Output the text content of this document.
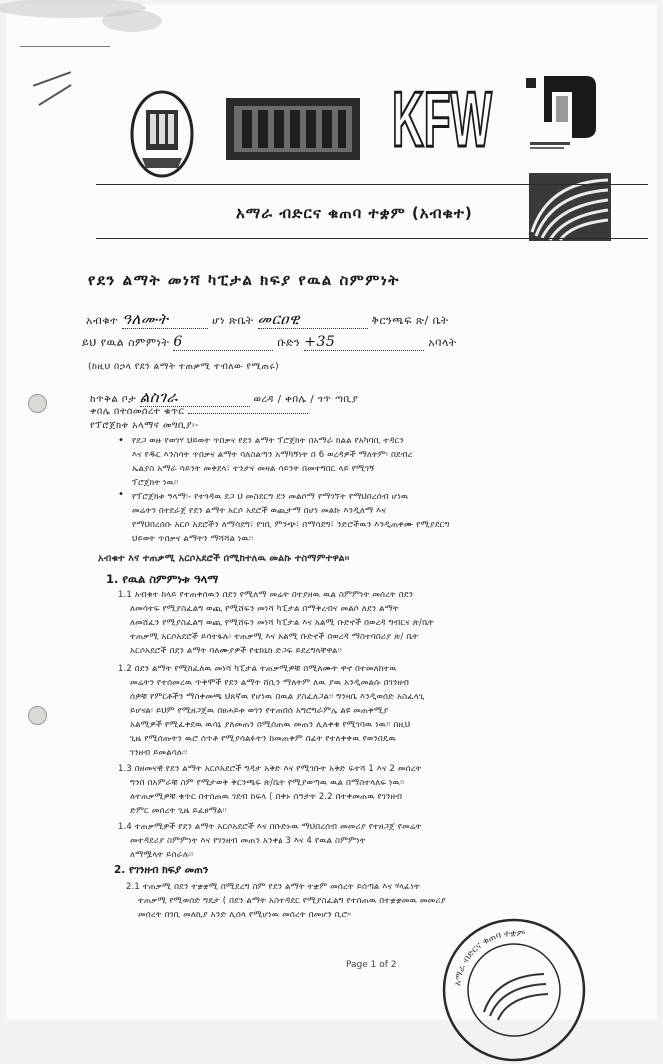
KFW
አማራ ብድርና ቁጠባ ተቋም (አብቁተ)
የደን ልማት መነሻ ካፒታል ክፍያ የዉል ስምምነት
አብቁተ ዓለሙት	ሆነ ጽቤት መርዐዊ	ቅርንጫፍ ጽ/ ቤት
ይህ የዉል ስምምነት 6	ቡድን +35	አባላት
(ከዚህ በኃላ የደን ልማት ተጠቃሚ ተብለው የሚጠሩ)
ከጥቅል ቦታ ልስገራ	ወረዳ / ቀበሌ / ጎጥ ጣቢያ
ቀበሌ በተሰመሰረተ ቁጥር
የፕሮጀክቱ አላማና መግቢያ፡-
•
•
የደጋ ወዙ የወገሃ ህይወት ጥበቃና የደን ልማት ፕሮጀክት በአማራ ክልል የአካባቢ ተዳርን
እና የዱር እንስሳት ጥበቃና ልማት ባለስልጣን አማካኝነት በ 6 ወረዳዎች ማለትም፡ በደብረ
ኤልያስ አማራ ሳይንት መቅደላ፣ ተንታና መዛል ሳይንት በመተግበር ላይ የሚገኝ
ፕሮጀክት ነዉ፡፡
የፕሮጀክቱ ዓላማ፡- የተጎዳዉ ደጋ ህ መስደርግ ደን መልሶማ የማገኘት የማህበረሰብ ሆነዉ
መሬትን በተደራጀ የደን ልማት አርሶ አደሮች ወጪታማ በሆነ መልኩ እንዲለማ እና
የማህበረሰቡ አርሶ አደሮችን ለማሳደግ፣ የገቢ ምንጭ፣ በማሳደግ፣ ንድሮችዉን እንዲጠቀሙ የሚያደርግ
ህይወት ጥበቃና ልማትን ማሻሻል ነዉ፡፡
አብቁተ እና ተጠቃሚ አርሶአደሮች በሚከተለዉ መልኩ ተስማምተዋል፡፡
1. የዉል ስምምነቱ ዓላማ
1.1 አብቁተ ከላይ የተጠቀሰዉን በደን የሚለማ መሬት በተያዘዉ ዉል ስምምነት መሰረት በደን
ለመሳተፍ የሚያስፈልግ ወጪ የሚሸፍን መነሻ ካፒታል በማቅረብና መልሶ ለደን ልማት
ለመሸፈን የሚያስፈልግ ወጪ የሚሸፍን መነሻ ካፒታል እና አልሚ ቡድኖች በወረዳ ግብርና ጽ/ቤት
ተጠቃሚ አርሶአደሮች ይሳተፋሉ፡ ተጠቃሚ እና አልሚ ቡድኖች በወረዳ ማስተባበሪያ ጽ/ ቤት
አርሶአደሮች በደን ልማት ባለሙያዎች የቴክኒክ ድጋፍ ይደረግላቸዋል፡፡
1.2 በደን ልማት የሚከፈለዉ መነሻ ካፒታል ተጠቃሚዎቹ በሚለሙት ዋኖ በተመለከተዉ
መሬትን የተሰመረዉ ጥቅሞች የደን ልማት ሸቢን ማለትም ለዉ ያዉ አንዲመልሱ በገንዘብ
ሰዎቹ የምርቶችን ማስቀመጫ ህጸኛዉ የሆነዉ በዉል ያስፈለጋል፡፡ ግንዛቤ እንዲወሰድ አስፈላጊ
ይሆናል፡ ይህም የሚዘጋጀዉ በፀሐይቱ ወገን የተጠበሰ አግሮግራምሌ ልዩ መጠቀሚያ
አልሚዎች የሚፈቀደዉ ዉሳኔ ያለመጠን በሚሰጠዉ መጠን ሊለቀቁ የሚገባዉ ነዉ፡፡ በዚህ
ጊዜ የሚሰጡትን ዉሮ ሰጥቶ የሚያሳልፉትን ከመጠቀም በፊት የተለቀቀዉ የወንበዴዉ
ገንዘብ ይመልሳሉ፡፡
1.3 በዘመናዊ የደን ልማት አርሶአደሮች ግዳታ አቅድ እና የሚገቡት አቅድ ፍተሻ 1 እና 2 መሰረት
ግንበ በአምራቹ ስም የሚታወቅ ቅርንጫፍ ጽ/ቤት የሚያወጣዉ ዉል በማስተላለፍ ነዉ፡፡
ለተጠቃሚዎቹ ቁጥር በተሰጠዉ ገደብ ከፍላ ( በቀኑ ሰዓታት 2.2 በተቀመጠዉ የገንዘብ
ድምር መሰረት ጊዜ ይፈፀማል፡፡
1.4 ተጠቃሚዎች የደን ልማት አርሶአደሮች እና በቡድኑዉ ማህበረሰብ መመሪያ የተዘጋጀ የመሬት
መተዳደሪያ ስምምነት እና የገንዘብ መጠን አንቀፅ 3 እና 4 የዉል ስምምነት
ለማሟላት ይሰራሉ፡፡
2. የገንዘብ ክፍያ መጠን
2.1 ተጠቃሚ በደን ተቋቋሚ በሚደረግ ስም የደን ልማት ተቋም መሰረት ይሰጣል እና ሃላፊነት
ተጠቃሚ የሚወሰድ ግዴታ ( በደን ልማት አስተዳደር የሚያስፈልግ የተሰጠዉ በተቋቋመዉ መመሪያ
መሰረት በገቢ መለኪያ አንድ ሊሰላ የሚሆነዉ መሰረት በመሆን ቢሮ።
Page 1 of 2
አማራ ብድርና ቁጠባ ተቋም
